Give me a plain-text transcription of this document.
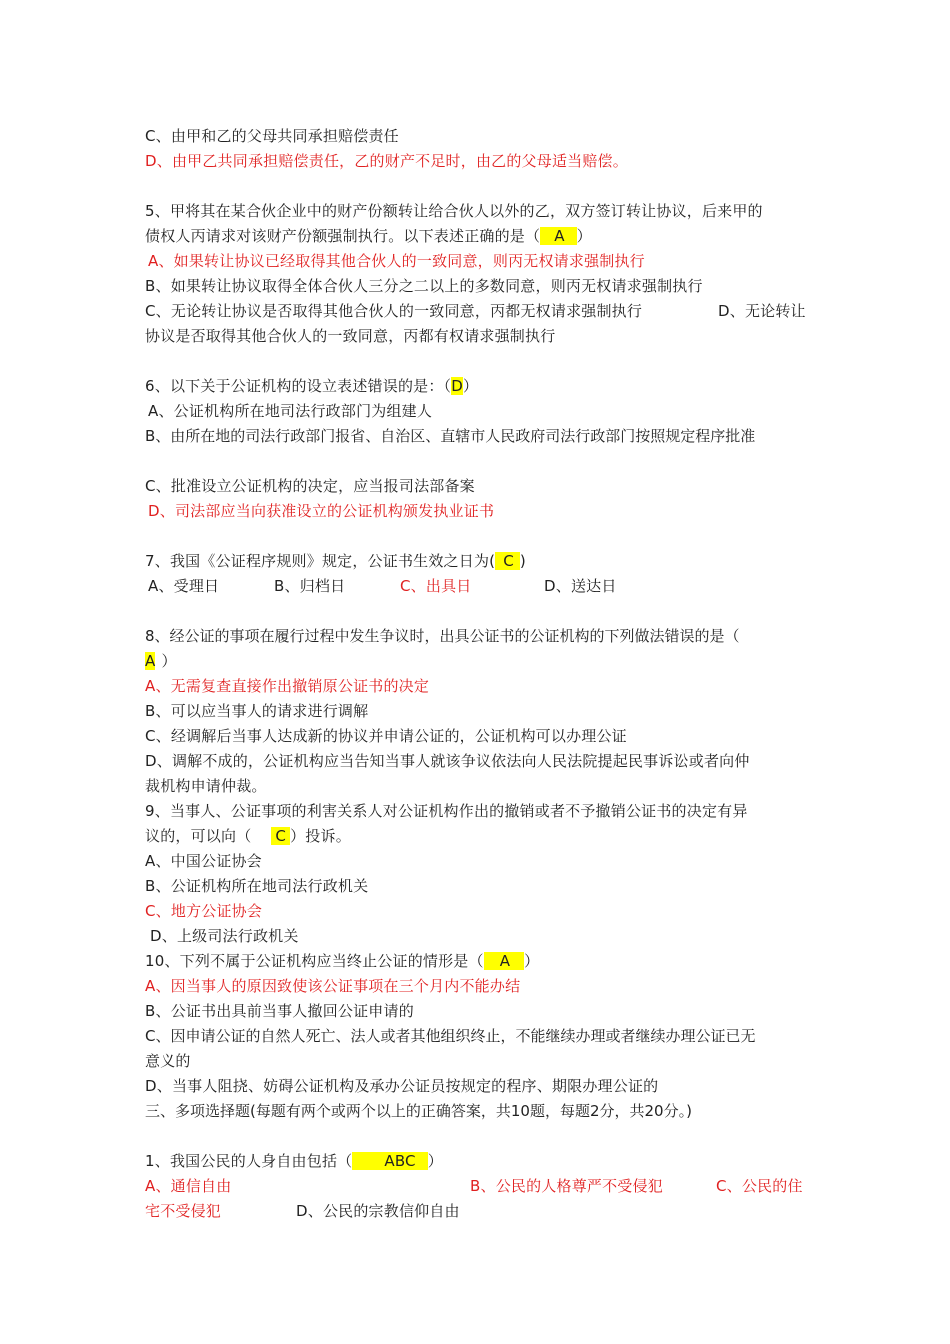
C、由甲和乙的父母共同承担赔偿责任
D、由甲乙共同承担赔偿责任，乙的财产不足时，由乙的父母适当赔偿。
5、甲将其在某合伙企业中的财产份额转让给合伙人以外的乙，双方签订转让协议，后来甲的
债权人丙请求对该财产份额强制执行。以下表述正确的是（ A ）
A、如果转让协议已经取得其他合伙人的一致同意，则丙无权请求强制执行
B、如果转让协议取得全体合伙人三分之二以上的多数同意，则丙无权请求强制执行
C、无论转让协议是否取得其他合伙人的一致同意，丙都无权请求强制执行	D、无论转让
协议是否取得其他合伙人的一致同意，丙都有权请求强制执行
6、以下关于公证机构的设立表述错误的是：（D）
A、公证机构所在地司法行政部门为组建人
B、由所在地的司法行政部门报省、自治区、直辖市人民政府司法行政部门按照规定程序批准
C、批准设立公证机构的决定，应当报司法部备案
D、司法部应当向获准设立的公证机构颁发执业证书
7、我国《公证程序规则》规定，公证书生效之日为( C )
A、受理日	B、归档日	C、出具日	D、送达日
8、经公证的事项在履行过程中发生争议时，出具公证书的公证机构的下列做法错误的是（
A ）
A、无需复查直接作出撤销原公证书的决定
B、可以应当事人的请求进行调解
C、经调解后当事人达成新的协议并申请公证的，公证机构可以办理公证
D、调解不成的，公证机构应当告知当事人就该争议依法向人民法院提起民事诉讼或者向仲
裁机构申请仲裁。
9、当事人、公证事项的利害关系人对公证机构作出的撤销或者不予撤销公证书的决定有异
议的，可以向（ C ）投诉。
A、中国公证协会
B、公证机构所在地司法行政机关
C、地方公证协会
D、上级司法行政机关
10、下列不属于公证机构应当终止公证的情形是（ A ）
A、因当事人的原因致使该公证事项在三个月内不能办结
B、公证书出具前当事人撤回公证申请的
C、因申请公证的自然人死亡、法人或者其他组织终止，不能继续办理或者继续办理公证已无
意义的
D、当事人阻挠、妨碍公证机构及承办公证员按规定的程序、期限办理公证的
三、多项选择题(每题有两个或两个以上的正确答案，共10题，每题2分，共20分。)
1、我国公民的人身自由包括（ ABC ）
A、通信自由	B、公民的人格尊严不受侵犯	C、公民的住
宅不受侵犯	D、公民的宗教信仰自由
